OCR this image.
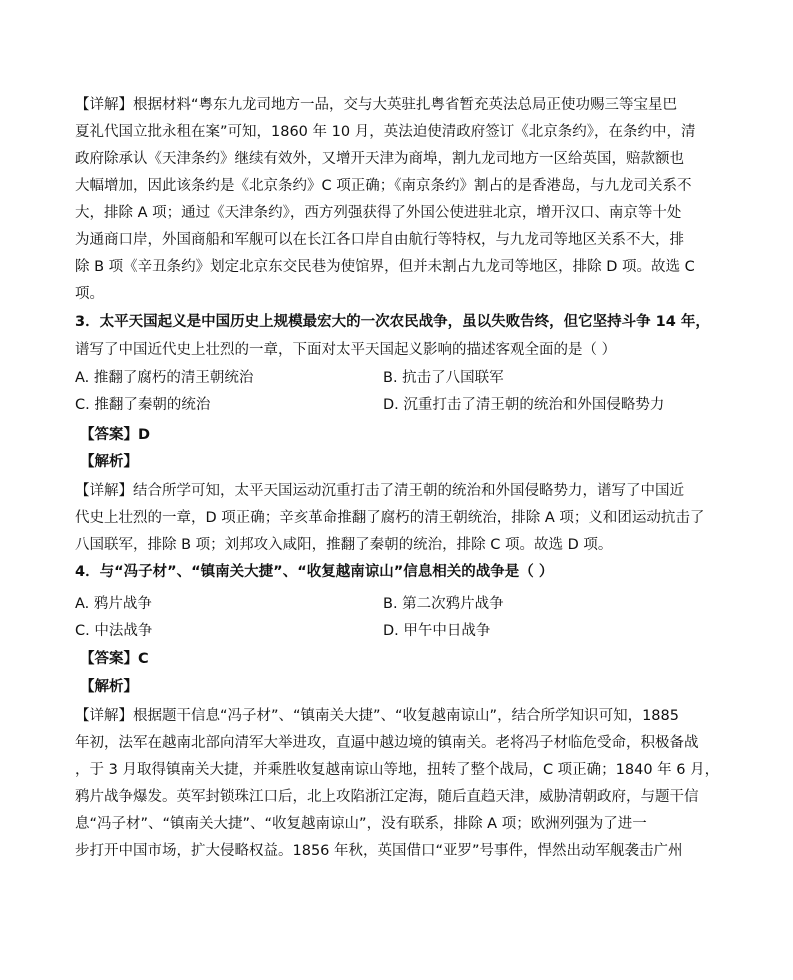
【详解】根据材料“粤东九龙司地方一品，交与大英驻扎粤省暂充英法总局正使功赐三等宝星巴
夏礼代国立批永租在案”可知，1860 年 10 月，英法迫使清政府签订《北京条约》，在条约中，清
政府除承认《天津条约》继续有效外，又增开天津为商埠，割九龙司地方一区给英国，赔款额也
大幅增加，因此该条约是《北京条约》C 项正确；《南京条约》割占的是香港岛，与九龙司关系不
大，排除 A 项；通过《天津条约》，西方列强获得了外国公使进驻北京，增开汉口、南京等十处
为通商口岸，外国商船和军舰可以在长江各口岸自由航行等特权，与九龙司等地区关系不大，排
除 B 项《辛丑条约》划定北京东交民巷为使馆界，但并未割占九龙司等地区，排除 D 项。故选 C
项。
3．太平天国起义是中国历史上规模最宏大的一次农民战争，虽以失败告终，但它坚持斗争 14 年，
谱写了中国近代史上壮烈的一章，下面对太平天国起义影响的描述客观全面的是（ ）
A. 推翻了腐朽的清王朝统治	B. 抗击了八国联军
C. 推翻了秦朝的统治	D. 沉重打击了清王朝的统治和外国侵略势力
【答案】D
【解析】
【详解】结合所学可知，太平天国运动沉重打击了清王朝的统治和外国侵略势力，谱写了中国近
代史上壮烈的一章，D 项正确；辛亥革命推翻了腐朽的清王朝统治，排除 A 项；义和团运动抗击了
八国联军，排除 B 项；刘邦攻入咸阳，推翻了秦朝的统治，排除 C 项。故选 D 项。
4．与“冯子材”、“镇南关大捷”、“收复越南谅山”信息相关的战争是（ ）
A. 鸦片战争	B. 第二次鸦片战争
C. 中法战争	D. 甲午中日战争
【答案】C
【解析】
【详解】根据题干信息“冯子材”、“镇南关大捷”、“收复越南谅山”，结合所学知识可知，1885
年初，法军在越南北部向清军大举进攻，直逼中越边境的镇南关。老将冯子材临危受命，积极备战
，于 3 月取得镇南关大捷，并乘胜收复越南谅山等地，扭转了整个战局，C 项正确；1840 年 6 月，
鸦片战争爆发。英军封锁珠江口后，北上攻陷浙江定海，随后直趋天津，威胁清朝政府，与题干信
息“冯子材”、“镇南关大捷”、“收复越南谅山”，没有联系，排除 A 项；欧洲列强为了进一
步打开中国市场，扩大侵略权益。1856 年秋，英国借口“亚罗”号事件，悍然出动军舰袭击广州
